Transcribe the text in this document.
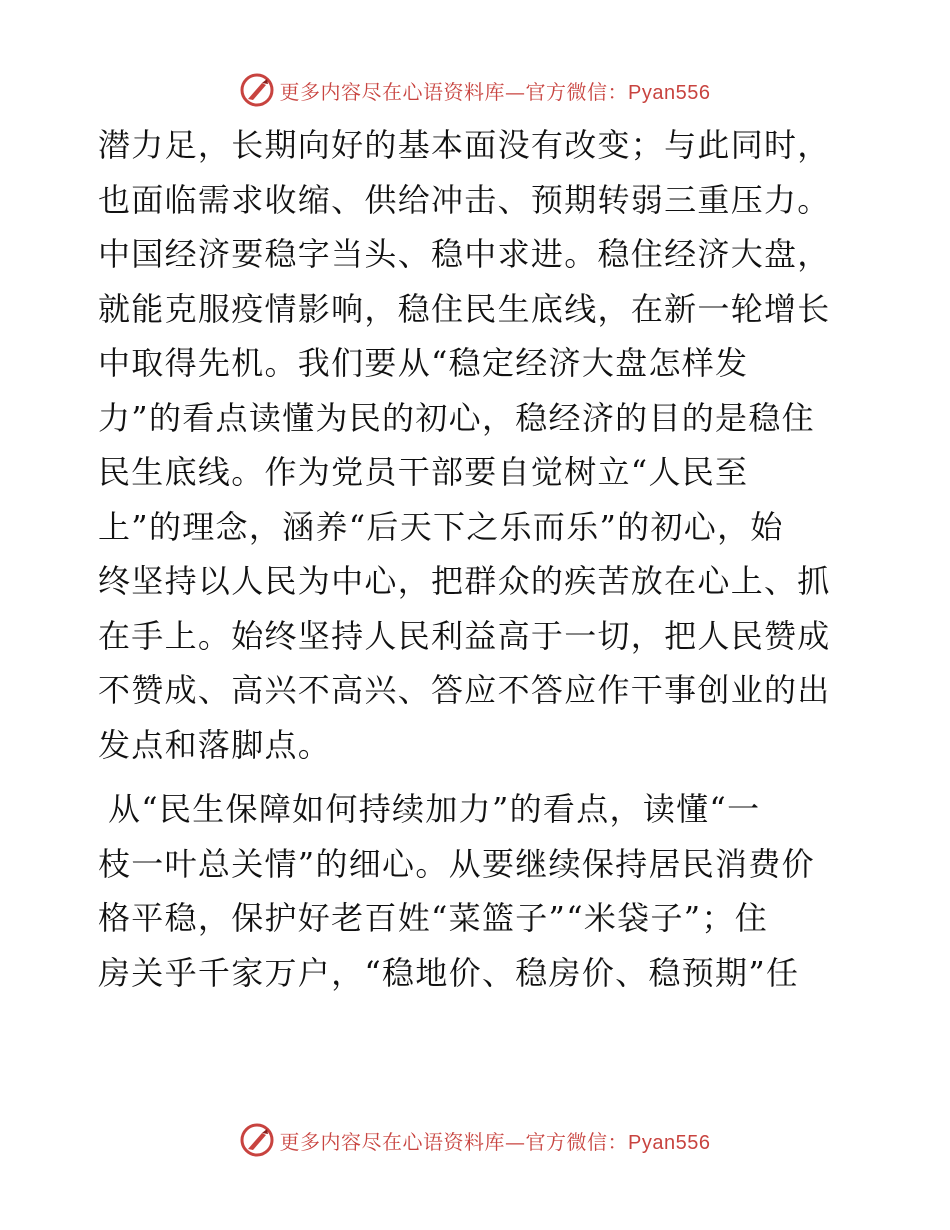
更多内容尽在心语资料库—官方微信：Pyan556
潜力足，长期向好的基本面没有改变；与此同时，
也面临需求收缩、供给冲击、预期转弱三重压力。
中国经济要稳字当头、稳中求进。稳住经济大盘，
就能克服疫情影响，稳住民生底线，在新一轮增长
中取得先机。我们要从“稳定经济大盘怎样发
力”的看点读懂为民的初心，稳经济的目的是稳住
民生底线。作为党员干部要自觉树立“人民至
上”的理念，涵养“后天下之乐而乐”的初心，始
终坚持以人民为中心，把群众的疾苦放在心上、抓
在手上。始终坚持人民利益高于一切，把人民赞成
不赞成、高兴不高兴、答应不答应作干事创业的出
发点和落脚点。
从“民生保障如何持续加力”的看点，读懂“一
枝一叶总关情”的细心。从要继续保持居民消费价
格平稳，保护好老百姓“菜篮子”“米袋子”；住
房关乎千家万户，“稳地价、稳房价、稳预期”任
更多内容尽在心语资料库—官方微信：Pyan556
